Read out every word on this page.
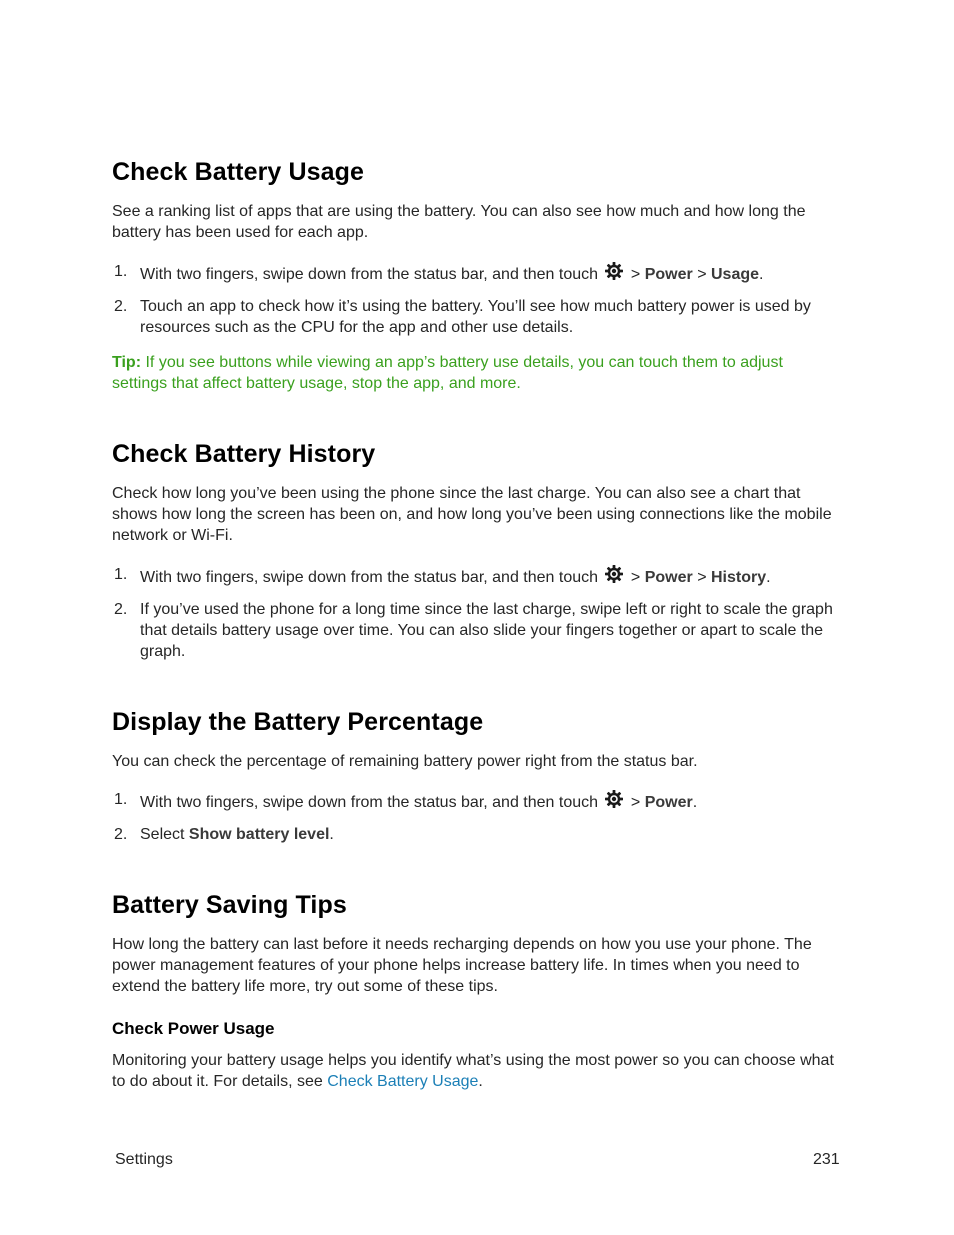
Check Battery Usage

See a ranking list of apps that are using the battery. You can also see how much and how long the battery has been used for each app.

1. With two fingers, swipe down from the status bar, and then touch > Power > Usage.
2. Touch an app to check how it’s using the battery. You’ll see how much battery power is used by resources such as the CPU for the app and other use details.

Tip: If you see buttons while viewing an app’s battery use details, you can touch them to adjust settings that affect battery usage, stop the app, and more.

Check Battery History

Check how long you’ve been using the phone since the last charge. You can also see a chart that shows how long the screen has been on, and how long you’ve been using connections like the mobile network or Wi-Fi.

1. With two fingers, swipe down from the status bar, and then touch > Power > History.
2. If you’ve used the phone for a long time since the last charge, swipe left or right to scale the graph that details battery usage over time. You can also slide your fingers together or apart to scale the graph.
Display the Battery Percentage

You can check the percentage of remaining battery power right from the status bar.

1. With two fingers, swipe down from the status bar, and then touch > Power.
2. Select Show battery level.
Battery Saving Tips

How long the battery can last before it needs recharging depends on how you use your phone. The power management features of your phone helps increase battery life. In times when you need to extend the battery life more, try out some of these tips.

Check Power Usage

Monitoring your battery usage helps you identify what’s using the most power so you can choose what to do about it. For details, see Check Battery Usage.

Settings	231
